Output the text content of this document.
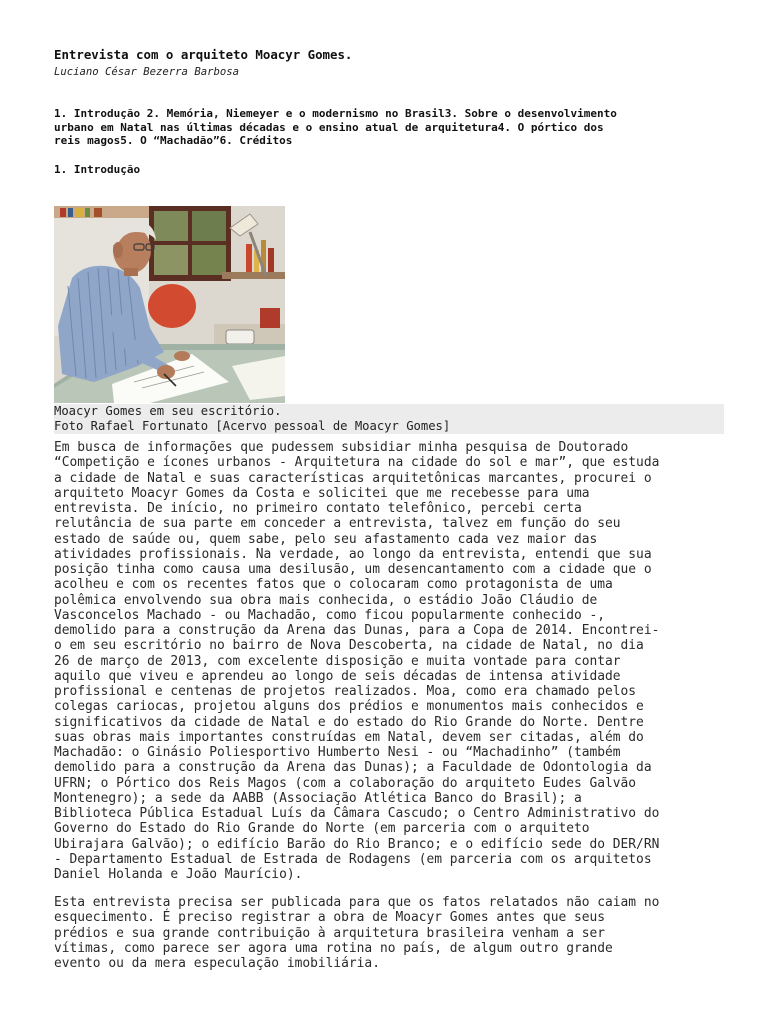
Entrevista com o arquiteto Moacyr Gomes.
Luciano César Bezerra Barbosa
1. Introdução 2. Memória, Niemeyer e o modernismo no Brasil3. Sobre o desenvolvimento
urbano em Natal nas últimas décadas e o ensino atual de arquitetura4. O pórtico dos
reis magos5. O “Machadão”6. Créditos
1. Introdução
Moacyr Gomes em seu escritório.
Foto Rafael Fortunato [Acervo pessoal de Moacyr Gomes]
Em busca de informações que pudessem subsidiar minha pesquisa de Doutorado
“Competição e ícones urbanos - Arquitetura na cidade do sol e mar”, que estuda
a cidade de Natal e suas características arquitetônicas marcantes, procurei o
arquiteto Moacyr Gomes da Costa e solicitei que me recebesse para uma
entrevista. De início, no primeiro contato telefônico, percebi certa
relutância de sua parte em conceder a entrevista, talvez em função do seu
estado de saúde ou, quem sabe, pelo seu afastamento cada vez maior das
atividades profissionais. Na verdade, ao longo da entrevista, entendi que sua
posição tinha como causa uma desilusão, um desencantamento com a cidade que o
acolheu e com os recentes fatos que o colocaram como protagonista de uma
polêmica envolvendo sua obra mais conhecida, o estádio João Cláudio de
Vasconcelos Machado - ou Machadão, como ficou popularmente conhecido -,
demolido para a construção da Arena das Dunas, para a Copa de 2014. Encontrei-
o em seu escritório no bairro de Nova Descoberta, na cidade de Natal, no dia
26 de março de 2013, com excelente disposição e muita vontade para contar
aquilo que viveu e aprendeu ao longo de seis décadas de intensa atividade
profissional e centenas de projetos realizados. Moa, como era chamado pelos
colegas cariocas, projetou alguns dos prédios e monumentos mais conhecidos e
significativos da cidade de Natal e do estado do Rio Grande do Norte. Dentre
suas obras mais importantes construídas em Natal, devem ser citadas, além do
Machadão: o Ginásio Poliesportivo Humberto Nesi - ou “Machadinho” (também
demolido para a construção da Arena das Dunas); a Faculdade de Odontologia da
UFRN; o Pórtico dos Reis Magos (com a colaboração do arquiteto Eudes Galvão
Montenegro); a sede da AABB (Associação Atlética Banco do Brasil); a
Biblioteca Pública Estadual Luís da Câmara Cascudo; o Centro Administrativo do
Governo do Estado do Rio Grande do Norte (em parceria com o arquiteto
Ubirajara Galvão); o edifício Barão do Rio Branco; e o edifício sede do DER/RN
- Departamento Estadual de Estrada de Rodagens (em parceria com os arquitetos
Daniel Holanda e João Maurício).
Esta entrevista precisa ser publicada para que os fatos relatados não caiam no
esquecimento. É preciso registrar a obra de Moacyr Gomes antes que seus
prédios e sua grande contribuição à arquitetura brasileira venham a ser
vítimas, como parece ser agora uma rotina no país, de algum outro grande
evento ou da mera especulação imobiliária.
